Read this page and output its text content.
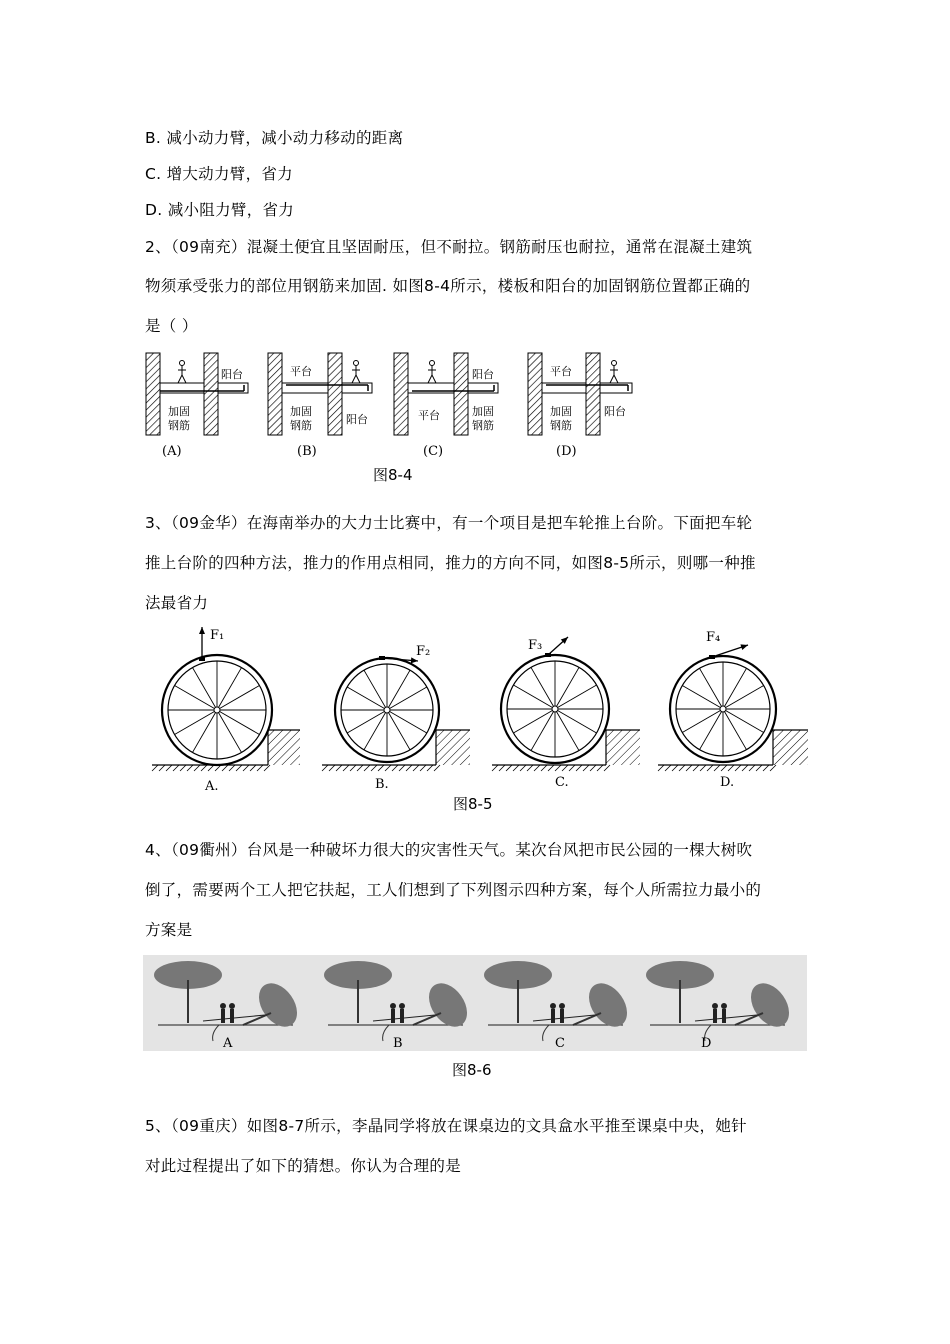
B. 减小动力臂，减小动力移动的距离
C. 增大动力臂，省力
D. 减小阻力臂，省力
2、（09南充）混凝土便宜且坚固耐压，但不耐拉。钢筋耐压也耐拉，通常在混凝土建筑
物须承受张力的部位用钢筋来加固. 如图8-4所示，楼板和阳台的加固钢筋位置都正确的
是（ ）
阳台
加固
钢筋
(A)
平台
加固
钢筋	阳台
(B)
阳台
平台	加固
钢筋
(C)
平台
加固
钢筋
阳台
(D)
图8-4
3、（09金华）在海南举办的大力士比赛中，有一个项目是把车轮推上台阶。下面把车轮
推上台阶的四种方法，推力的作用点相同，推力的方向不同，如图8-5所示，则哪一种推
法最省力
A.	B.	C.	D.
F₁
F₂	F₃
F₄
图8-5
4、（09衢州）台风是一种破坏力很大的灾害性天气。某次台风把市民公园的一棵大树吹
倒了，需要两个工人把它扶起，工人们想到了下列图示四种方案，每个人所需拉力最小的
方案是
A	B	C	D
图8-6
5、（09重庆）如图8-7所示，李晶同学将放在课桌边的文具盒水平推至课桌中央，她针
对此过程提出了如下的猜想。你认为合理的是
